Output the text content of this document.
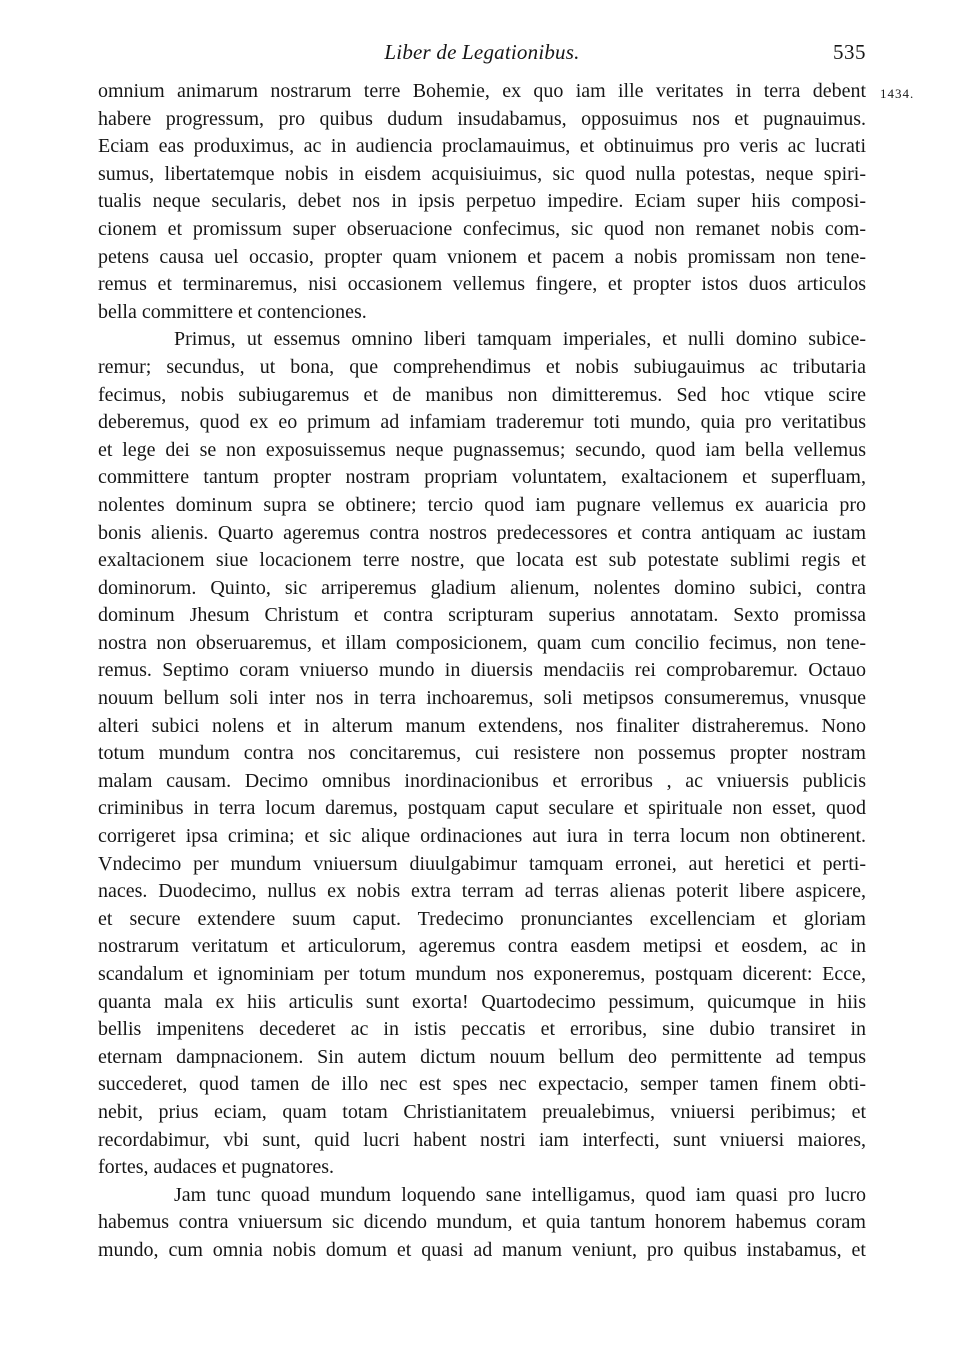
Liber de Legationibus.	535
1434.
omnium animarum nostrarum terre Bohemie, ex quo iam ille veritates in terra debent
habere progressum, pro quibus dudum insudabamus, opposuimus nos et pugnauimus.
Eciam eas produximus, ac in audiencia proclamauimus, et obtinuimus pro veris ac lucrati
sumus, libertatemque nobis in eisdem acquisiuimus, sic quod nulla potestas, neque spiri-
tualis neque secularis, debet nos in ipsis perpetuo impedire. Eciam super hiis composi-
cionem et promissum super obseruacione confecimus, sic quod non remanet nobis com-
petens causa uel occasio, propter quam vnionem et pacem a nobis promissam non tene-
remus et terminaremus, nisi occasionem vellemus fingere, et propter istos duos articulos
bella committere et contenciones.
Primus, ut essemus omnino liberi tamquam imperiales, et nulli domino subice-
remur; secundus, ut bona, que comprehendimus et nobis subiugauimus ac tributaria
fecimus, nobis subiugaremus et de manibus non dimitteremus. Sed hoc vtique scire
deberemus, quod ex eo primum ad infamiam traderemur toti mundo, quia pro veritatibus
et lege dei se non exposuissemus neque pugnassemus; secundo, quod iam bella vellemus
committere tantum propter nostram propriam voluntatem, exaltacionem et superfluam,
nolentes dominum supra se obtinere; tercio quod iam pugnare vellemus ex auaricia pro
bonis alienis. Quarto ageremus contra nostros predecessores et contra antiquam ac iustam
exaltacionem siue locacionem terre nostre, que locata est sub potestate sublimi regis et
dominorum. Quinto, sic arriperemus gladium alienum, nolentes domino subici, contra
dominum Jhesum Christum et contra scripturam superius annotatam. Sexto promissa
nostra non obseruaremus, et illam composicionem, quam cum concilio fecimus, non tene-
remus. Septimo coram vniuerso mundo in diuersis mendaciis rei comprobaremur. Octauo
nouum bellum soli inter nos in terra inchoaremus, soli metipsos consumeremus, vnusque
alteri subici nolens et in alterum manum extendens, nos finaliter distraheremus. Nono
totum mundum contra nos concitaremus, cui resistere non possemus propter nostram
malam causam. Decimo omnibus inordinacionibus et erroribus , ac vniuersis publicis
criminibus in terra locum daremus, postquam caput seculare et spirituale non esset, quod
corrigeret ipsa crimina; et sic alique ordinaciones aut iura in terra locum non obtinerent.
Vndecimo per mundum vniuersum diuulgabimur tamquam erronei, aut heretici et perti-
naces. Duodecimo, nullus ex nobis extra terram ad terras alienas poterit libere aspicere,
et secure extendere suum caput. Tredecimo pronunciantes excellenciam et gloriam
nostrarum veritatum et articulorum, ageremus contra easdem metipsi et eosdem, ac in
scandalum et ignominiam per totum mundum nos exponeremus, postquam dicerent: Ecce,
quanta mala ex hiis articulis sunt exorta! Quartodecimo pessimum, quicumque in hiis
bellis impenitens decederet ac in istis peccatis et erroribus, sine dubio transiret in
eternam dampnacionem. Sin autem dictum nouum bellum deo permittente ad tempus
succederet, quod tamen de illo nec est spes nec expectacio, semper tamen finem obti-
nebit, prius eciam, quam totam Christianitatem preualebimus, vniuersi peribimus; et
recordabimur, vbi sunt, quid lucri habent nostri iam interfecti, sunt vniuersi maiores,
fortes, audaces et pugnatores.
Jam tunc quoad mundum loquendo sane intelligamus, quod iam quasi pro lucro
habemus contra vniuersum sic dicendo mundum, et quia tantum honorem habemus coram
mundo, cum omnia nobis domum et quasi ad manum veniunt, pro quibus instabamus, et
